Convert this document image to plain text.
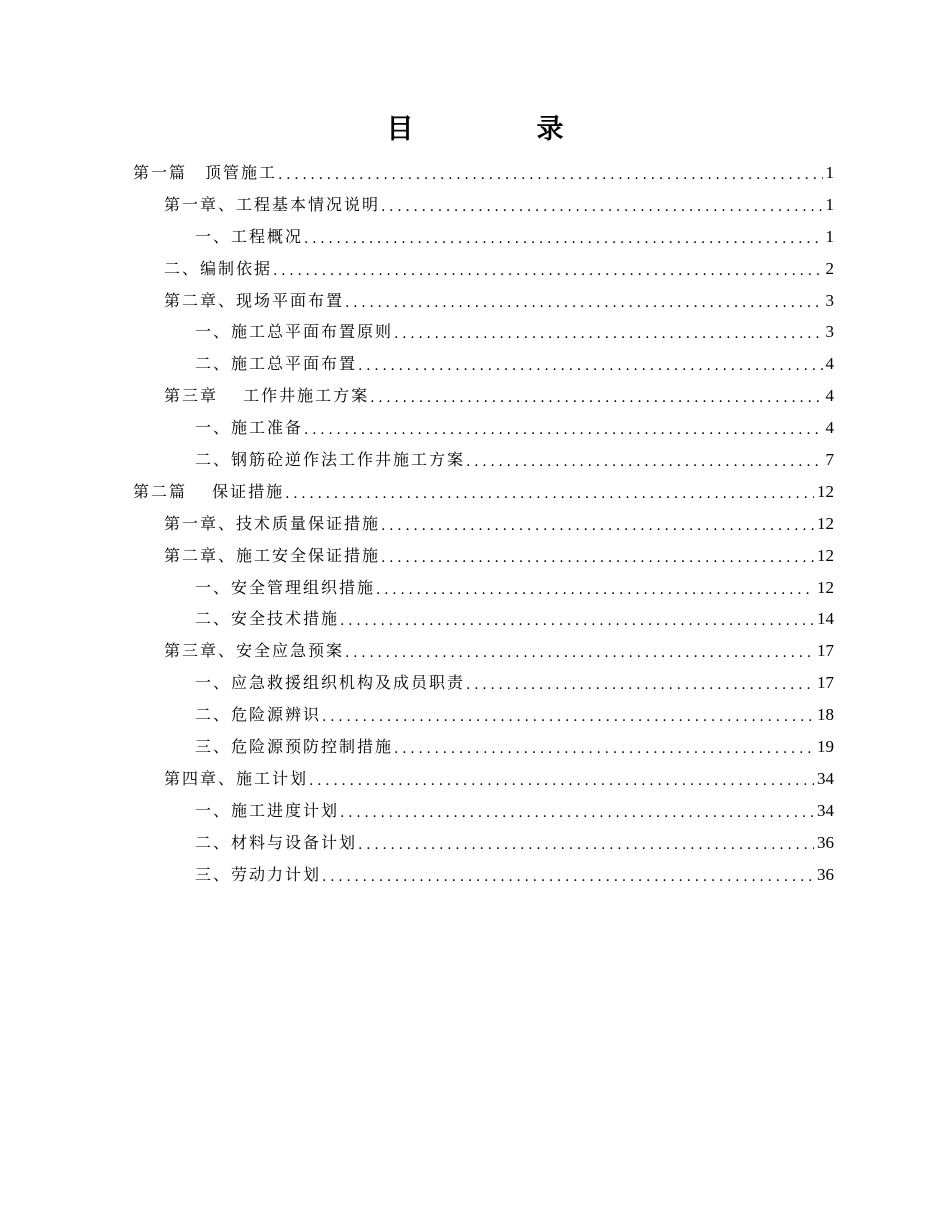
目　录
第一篇　顶管施工 . . .	1
第一章、工程基本情况说明 . . .	1
一、工程概况 . . .	1
二、编制依据 . . .	2
第二章、现场平面布置 . . .	3
一、施工总平面布置原则 . . .	3
二、施工总平面布置 . . .	4
第三章　 工作井施工方案 . . .	4
一、施工准备 . . .	4
二、钢筋砼逆作法工作井施工方案 . . .	7
第二篇　 保证措施 . . .	12
第一章、技术质量保证措施 . . .	12
第二章、施工安全保证措施 . . .	12
一、安全管理组织措施 . . .	12
二、安全技术措施 . . .	14
第三章、安全应急预案 . . .	17
一、应急救援组织机构及成员职责 . . .	17
二、危险源辨识 . . .	18
三、危险源预防控制措施 . . .	19
第四章、施工计划 . . .	34
一、施工进度计划 . . .	34
二、材料与设备计划 . . .	36
三、劳动力计划 . . .	36
